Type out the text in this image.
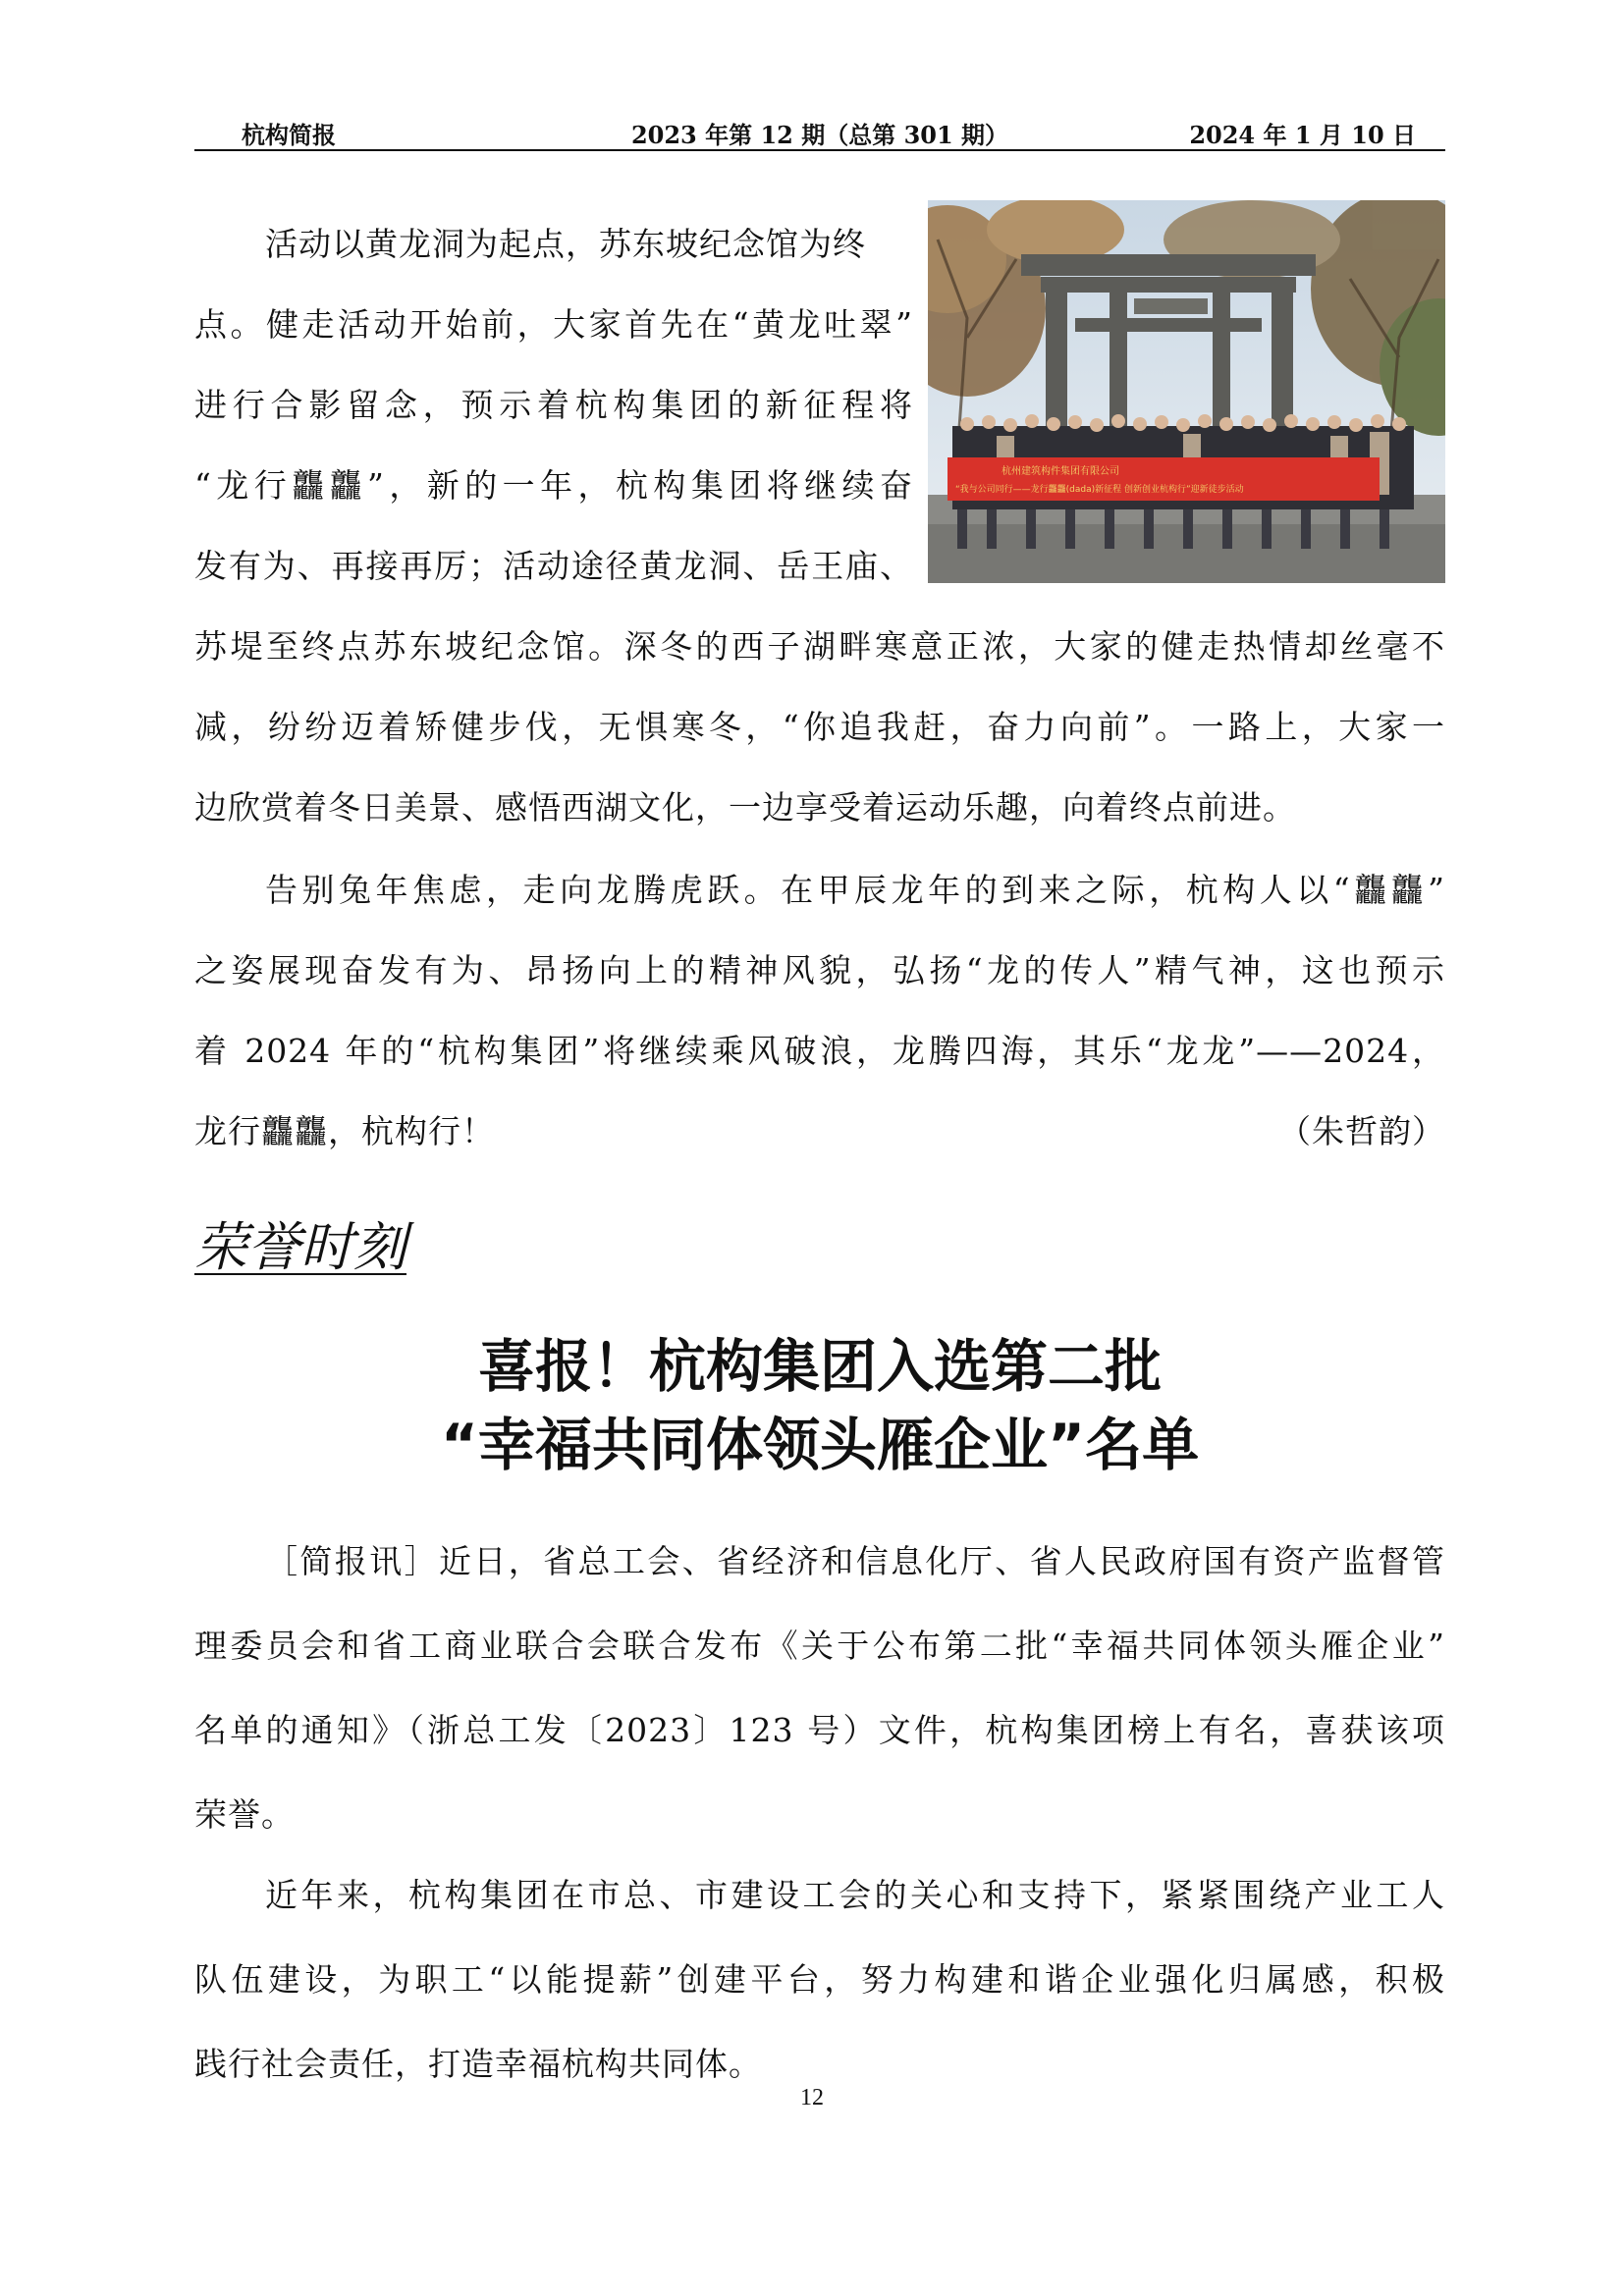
杭构简报	2023 年第 12 期（总第 301 期）	2024 年 1 月 10 日
活动以黄龙洞为起点，苏东坡纪念馆为终
点。健走活动开始前，大家首先在“黄龙吐翠”
进行合影留念，预示着杭构集团的新征程将
“龙行龘龘”，新的一年，杭构集团将继续奋
发有为、再接再厉；活动途径黄龙洞、岳王庙、
杭州建筑构件集团有限公司
“我与公司同行——龙行龘龘(dada)新征程 创新创业杭构行”迎新徒步活动
苏堤至终点苏东坡纪念馆。深冬的西子湖畔寒意正浓，大家的健走热情却丝毫不
减，纷纷迈着矫健步伐，无惧寒冬，“你追我赶，奋力向前”。一路上，大家一
边欣赏着冬日美景、感悟西湖文化，一边享受着运动乐趣，向着终点前进。
告别兔年焦虑，走向龙腾虎跃。在甲辰龙年的到来之际，杭构人以“龘龘”
之姿展现奋发有为、昂扬向上的精神风貌，弘扬“龙的传人”精气神，这也预示
着 2024 年的“杭构集团”将继续乘风破浪，龙腾四海，其乐“龙龙”——2024，
龙行龘龘，杭构行！	（朱哲韵）
荣誉时刻
喜报！杭构集团入选第二批
“幸福共同体领头雁企业”名单
［简报讯］近日，省总工会、省经济和信息化厅、省人民政府国有资产监督管
理委员会和省工商业联合会联合发布《关于公布第二批“幸福共同体领头雁企业”
名单的通知》（浙总工发〔2023〕123 号）文件，杭构集团榜上有名，喜获该项
荣誉。
近年来，杭构集团在市总、市建设工会的关心和支持下，紧紧围绕产业工人
队伍建设，为职工“以能提薪”创建平台，努力构建和谐企业强化归属感，积极
践行社会责任，打造幸福杭构共同体。
12
